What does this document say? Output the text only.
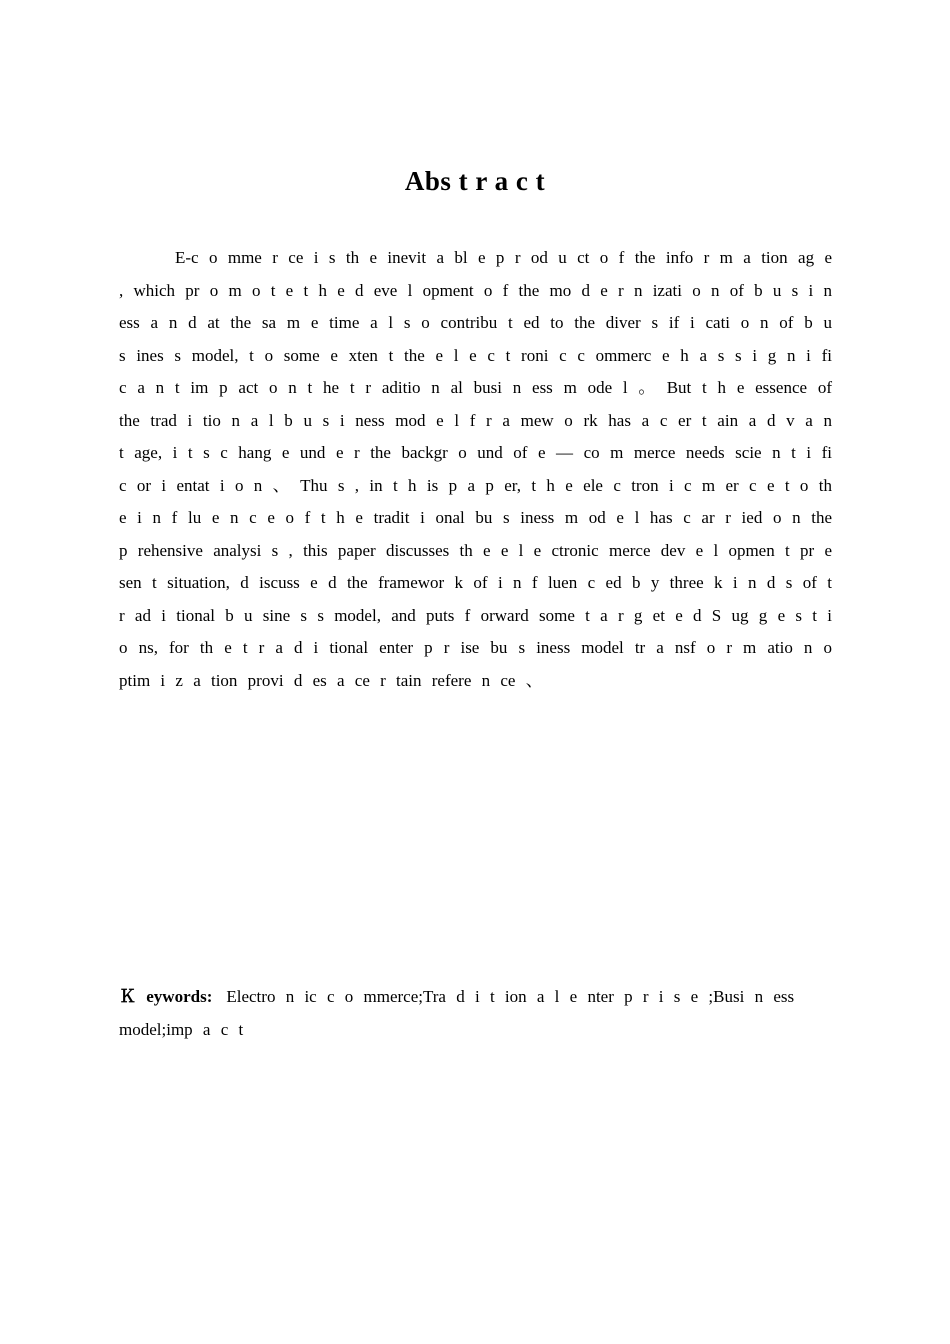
Abs t r a c t

E-c o mme r ce i s th e inevit a bl e p r od u ct o f the info r m a tion ag e , which pr o m o t e t h e d eve l opment o f the mo d e r n izati o n of b u s i n ess a n d at the sa m e time a l s o contribu t ed to the diver s if i cati o n of b u s ines s model, t o some e xten t the e l e c t roni c c ommerc e h a s s i g n i fi c a n t im p act o n t he t r aditio n al busi n ess m ode l 。 But t h e essence of the trad i tio n a l b u s i ness mod e l f r a mew o rk has a c er t ain a d v a n t age, i t s c hang e und e r the backgr o und of e — co m merce needs scie n t i fi c or i entat i o n 、 Thu s , in t h is p a p er, t h e ele c tron i c m er c e t o th e i n f lu e n c e o f t h e tradit i onal bu s iness m od e l has c ar r ied o n the p rehensive analysi s , this paper discusses th e e l e ctronic merce dev e l opmen t pr e sen t situation, d iscuss e d the framewor k of i n f luen c ed b y three k i n d s of t r ad i tional b u sine s s model, and puts f orward some t a r g et e d S ug g e s t i o ns, for th e t r a d i tional enter p r ise bu s iness model tr a nsf o r m atio n o ptim i z a tion provi d es a ce r tain refere n ce 、

Ｋ eywords: Electro n ic c o mmerce;Tra d i t ion a l e nter p r i s e ;Busi n ess model;imp a c t
